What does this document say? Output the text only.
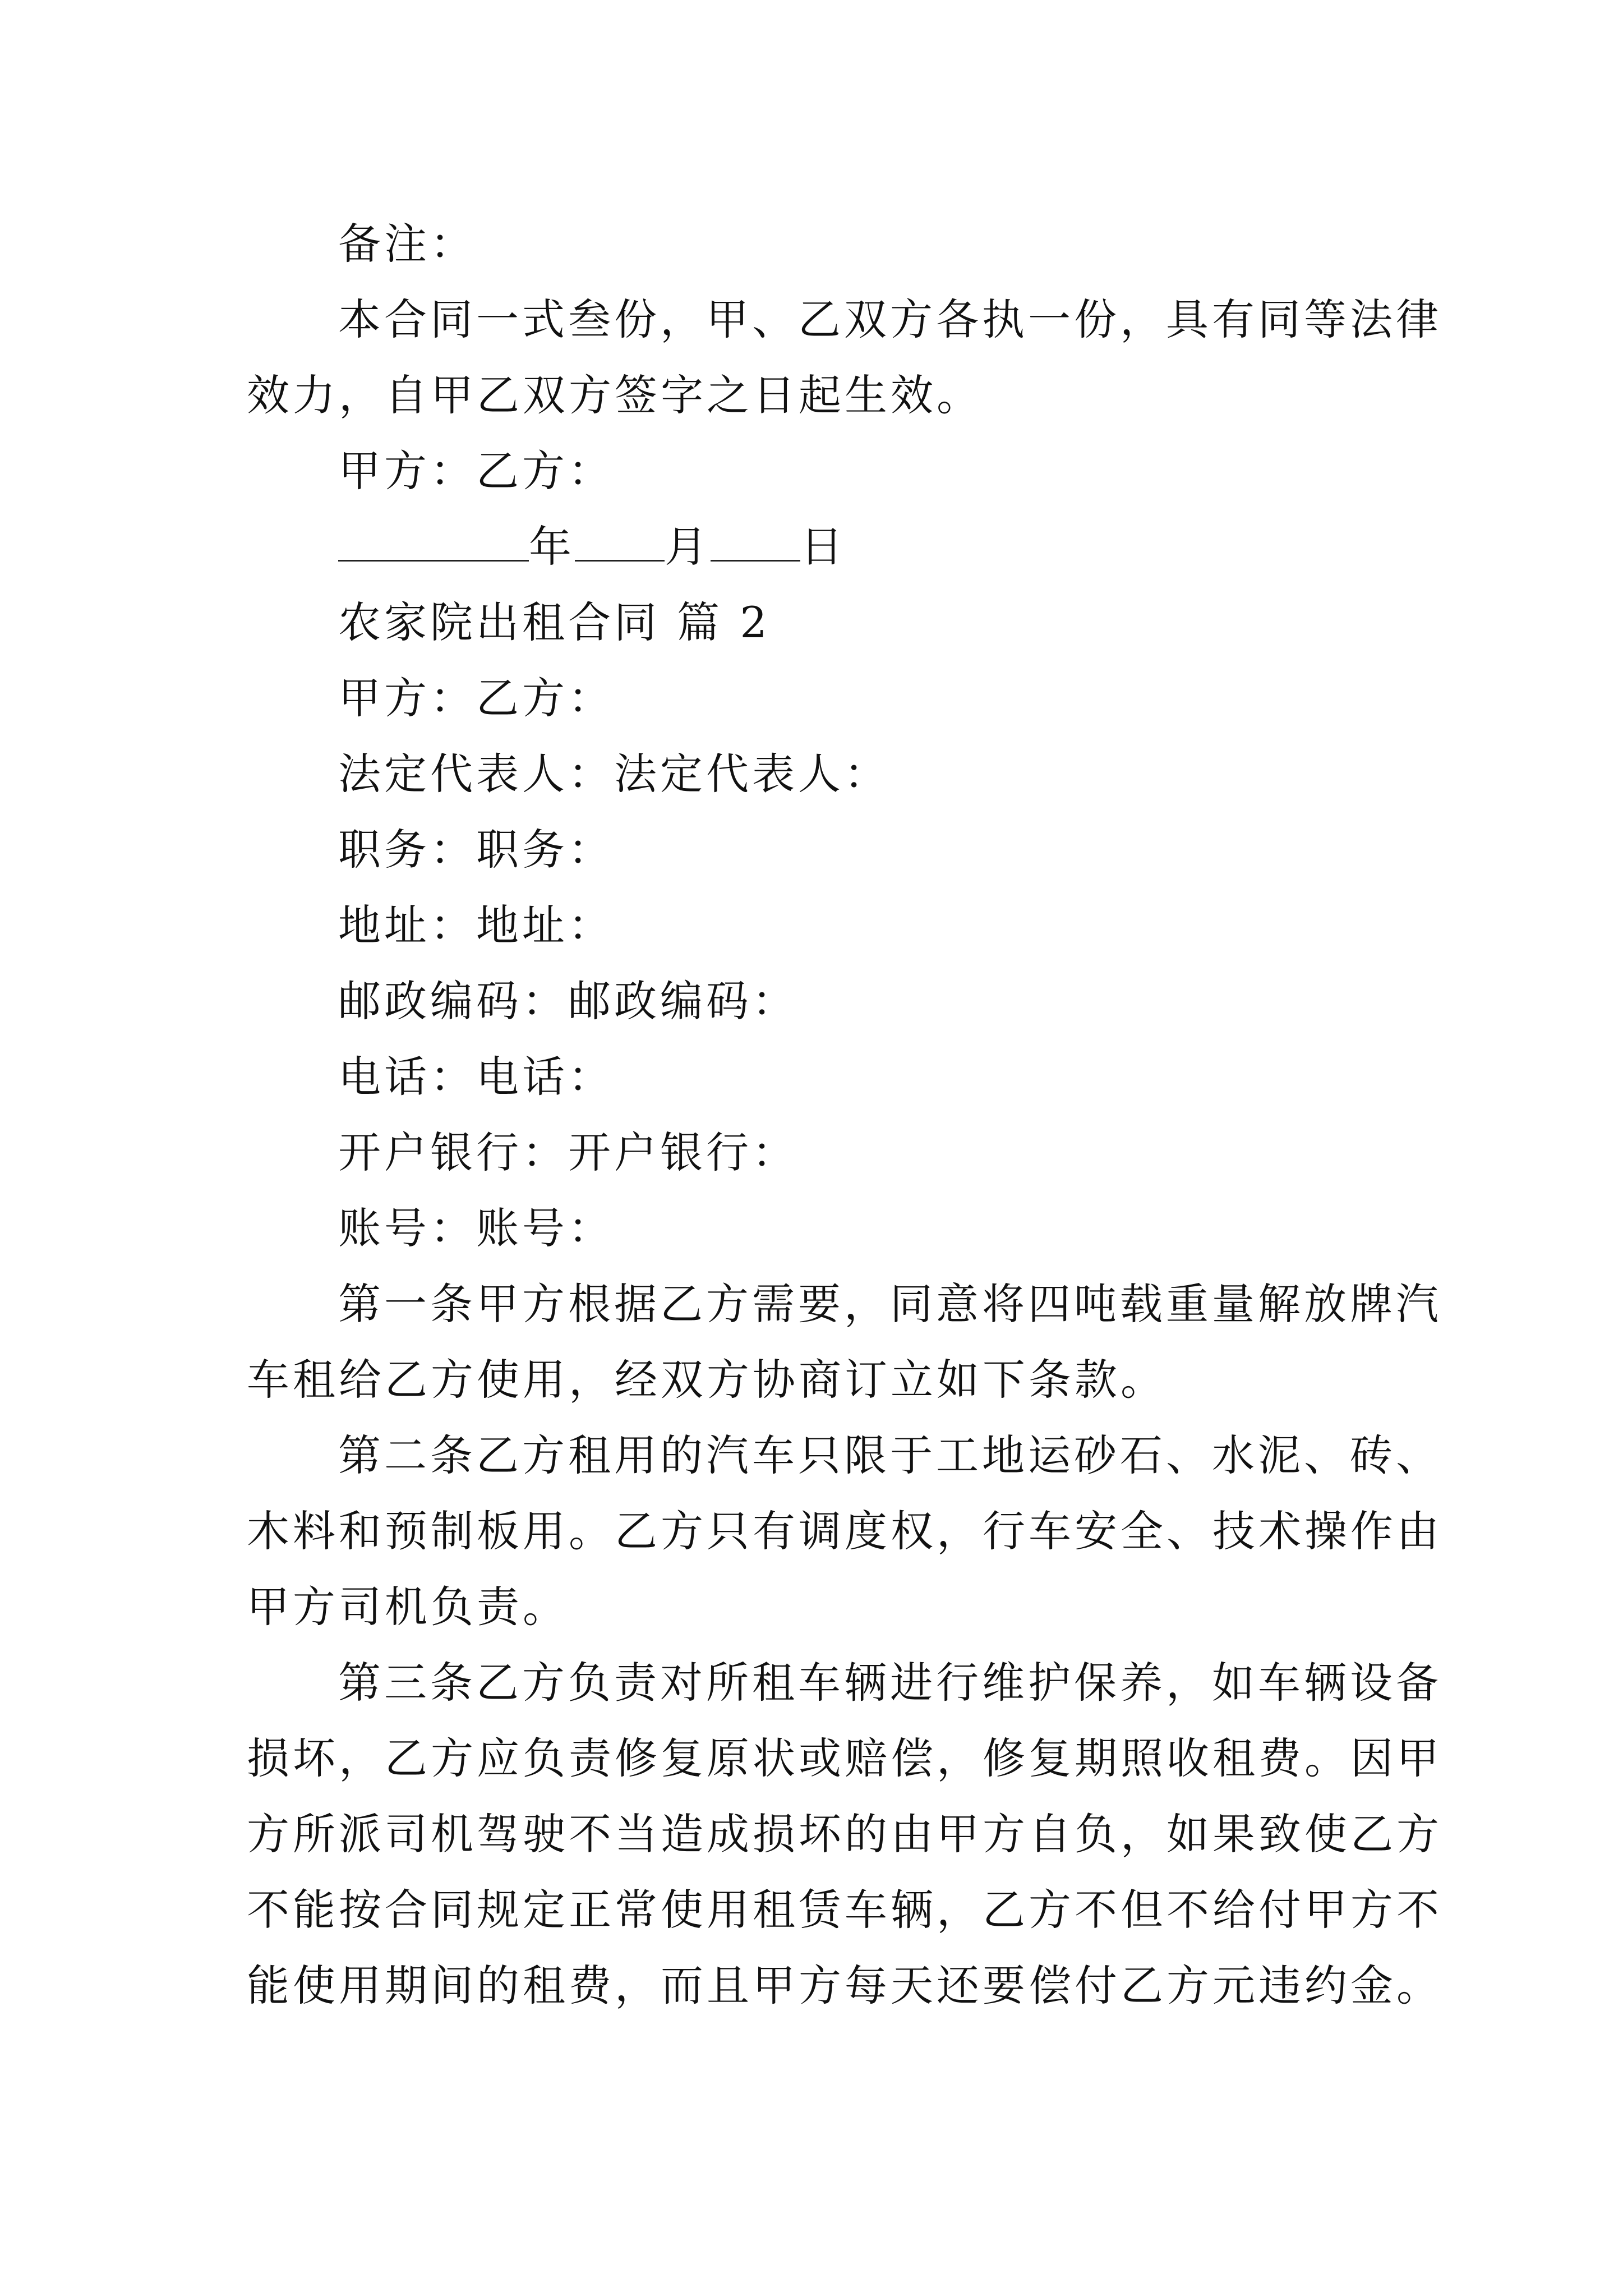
备注：
本合同一式叁份，甲、乙双方各执一份，具有同等法律
效力，自甲乙双方签字之日起生效。
甲方：乙方：
年 月 日
农家院出租合同 篇 2
甲方：乙方：
法定代表人：法定代表人：
职务：职务：
地址：地址：
邮政编码：邮政编码：
电话：电话：
开户银行：开户银行：
账号：账号：
第一条甲方根据乙方需要，同意将四吨载重量解放牌汽
车租给乙方使用，经双方协商订立如下条款。
第二条乙方租用的汽车只限于工地运砂石、水泥、砖、
木料和预制板用。乙方只有调度权，行车安全、技术操作由
甲方司机负责。
第三条乙方负责对所租车辆进行维护保养，如车辆设备
损坏，乙方应负责修复原状或赔偿，修复期照收租费。因甲
方所派司机驾驶不当造成损坏的由甲方自负，如果致使乙方
不能按合同规定正常使用租赁车辆，乙方不但不给付甲方不
能使用期间的租费，而且甲方每天还要偿付乙方元违约金。
